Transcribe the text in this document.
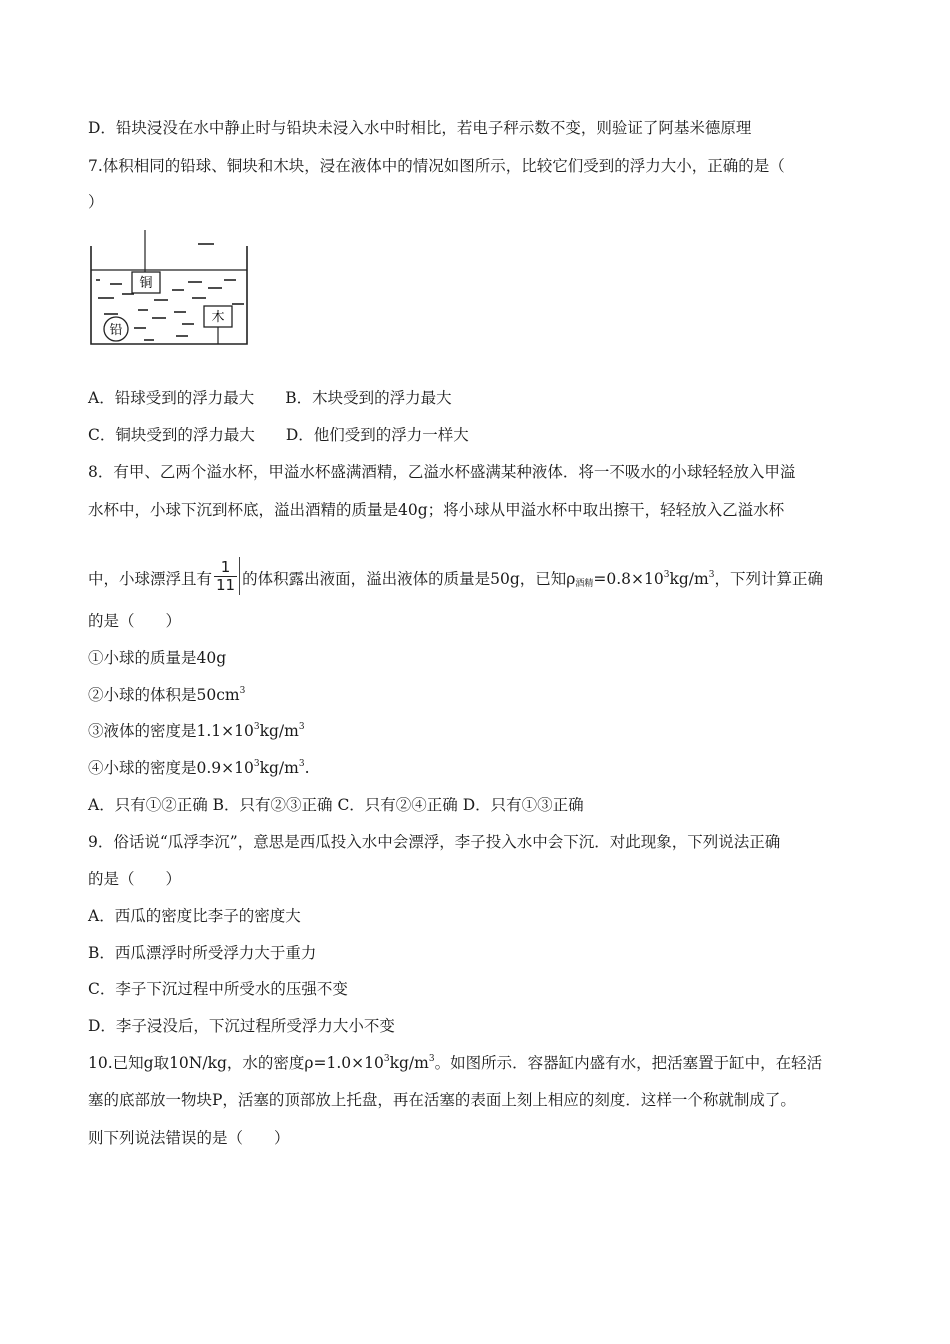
D．铅块浸没在水中静止时与铅块未浸入水中时相比，若电子秤示数不变，则验证了阿基米德原理
7.体积相同的铅球、铜块和木块，浸在液体中的情况如图所示，比较它们受到的浮力大小，正确的是（
）
铜
木
铅
A．铅球受到的浮力最大　　B．木块受到的浮力最大
C．铜块受到的浮力最大　　D．他们受到的浮力一样大
8．有甲、乙两个溢水杯，甲溢水杯盛满酒精，乙溢水杯盛满某种液体．将一不吸水的小球轻轻放入甲溢
水杯中，小球下沉到杯底，溢出酒精的质量是40g；将小球从甲溢水杯中取出擦干，轻轻放入乙溢水杯
中，小球漂浮且有 $\frac{1}{11}$ 的体积露出液面，溢出液体的质量是50g，已知$\rho_{酒精}=0.8\times 10^3kg/m^3$，下列计算正确
的是（　　）
①小球的质量是40g
②小球的体积是$50cm^3$
③液体的密度是$1.1\times 10^3kg/m^3$
④小球的密度是$0.9\times 10^3kg/m^3$.
A．只有①②正确 B．只有②③正确 C．只有②④正确 D．只有①③正确
9．俗话说“瓜浮李沉”，意思是西瓜投入水中会漂浮，李子投入水中会下沉．对此现象，下列说法正确
的是（　　）
A．西瓜的密度比李子的密度大
B．西瓜漂浮时所受浮力大于重力
C．李子下沉过程中所受水的压强不变
D．李子浸没后，下沉过程所受浮力大小不变
10.已知g取10N/kg，水的密度$\rho=1.0\times 10^3kg/m^3$。如图所示．容器缸内盛有水，把活塞置于缸中，在轻活
塞的底部放一物块P，活塞的顶部放上托盘，再在活塞的表面上刻上相应的刻度．这样一个称就制成了。
则下列说法错误的是（　　）
